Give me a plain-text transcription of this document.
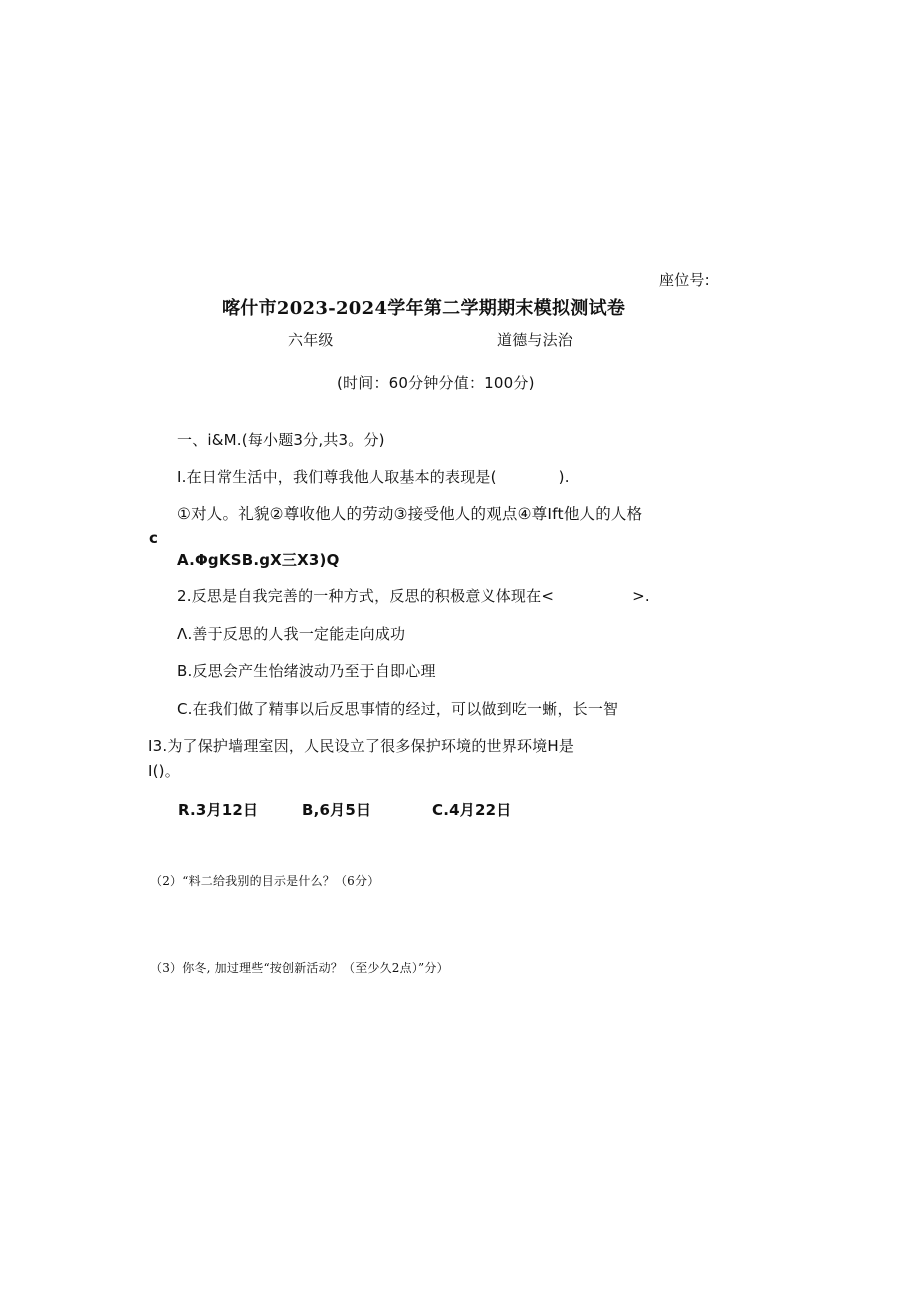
座位号:
喀什市2023-2024学年第二学期期末模拟测试卷
六年级	道德与法治
(时间：60分钟分值：100分)
一、i&M.(每小题3分,共3。分)
I.在日常生活中，我们尊我他人取基本的表现是(	).
①对人。礼貌②尊收他人的劳动③接受他人的观点④尊Ift他人的人格
c
A.ΦgKSB.gX三X3)Q
2.反思是自我完善的一种方式，反思的积极意义体现在<	>.
Λ.善于反思的人我一定能走向成功
B.反思会产生怡绪波动乃至于自即心理
C.在我们做了精事以后反思事情的经过，可以做到吃一蜥，长一智
I3.为了保护墙理室因，人民设立了很多保护环境的世界环境H是
I()。
R.3月12日	B,6月5日	C.4月22日
（2）“料二给我别的目示是什么？（6分）
（3）你冬, 加过理些“按创新活动？（至少久2点）”分）
